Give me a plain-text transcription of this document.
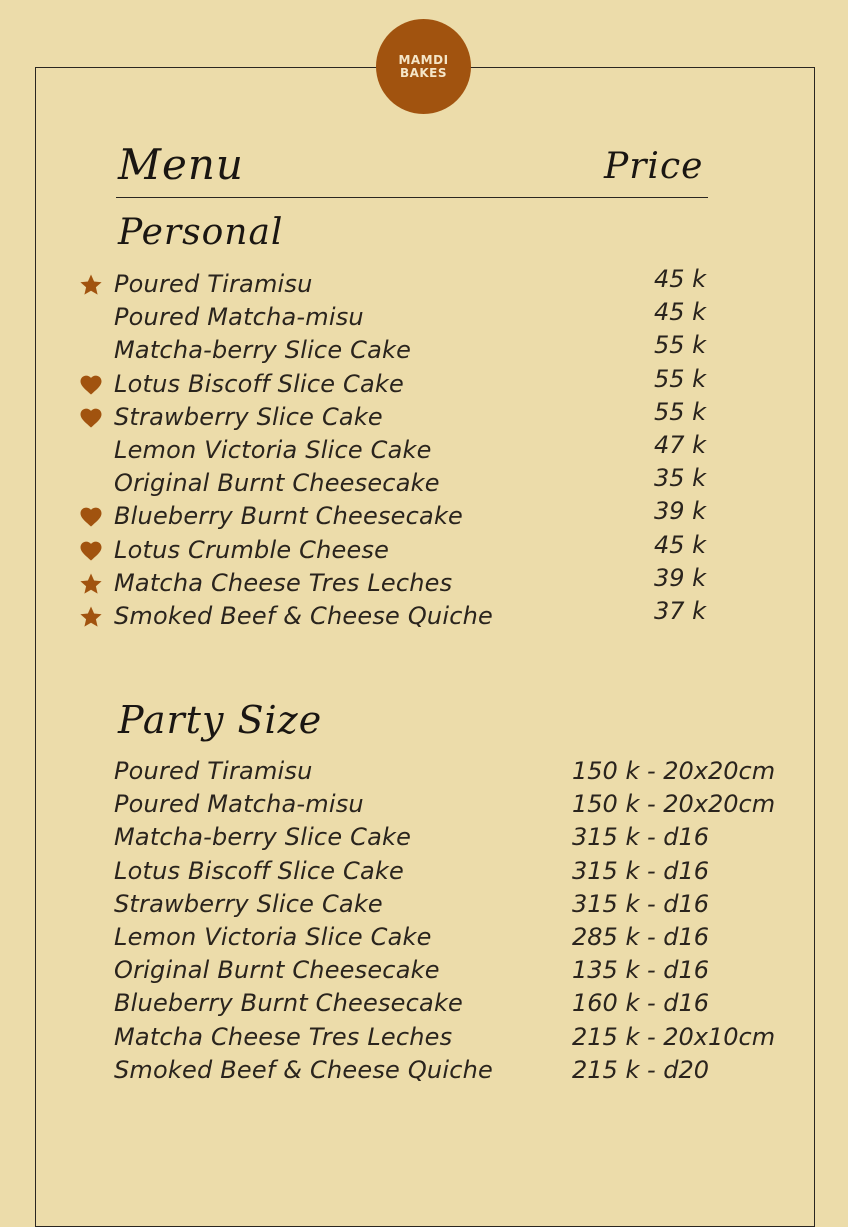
MAMDI
BAKES
Menu	Price
Personal
Poured Tiramisu	45 k
Poured Matcha-misu	45 k
Matcha-berry Slice Cake	55 k
Lotus Biscoff Slice Cake	55 k
Strawberry Slice Cake	55 k
Lemon Victoria Slice Cake	47 k
Original Burnt Cheesecake	35 k
Blueberry Burnt Cheesecake	39 k
Lotus Crumble Cheese	45 k
Matcha Cheese Tres Leches	39 k
Smoked Beef & Cheese Quiche	37 k
Party Size
Poured Tiramisu	150 k - 20x20cm
Poured Matcha-misu	150 k - 20x20cm
Matcha-berry Slice Cake	315 k - d16
Lotus Biscoff Slice Cake	315 k - d16
Strawberry Slice Cake	315 k - d16
Lemon Victoria Slice Cake	285 k - d16
Original Burnt Cheesecake	135 k - d16
Blueberry Burnt Cheesecake	160 k - d16
Matcha Cheese Tres Leches	215 k - 20x10cm
Smoked Beef & Cheese Quiche	215 k - d20
